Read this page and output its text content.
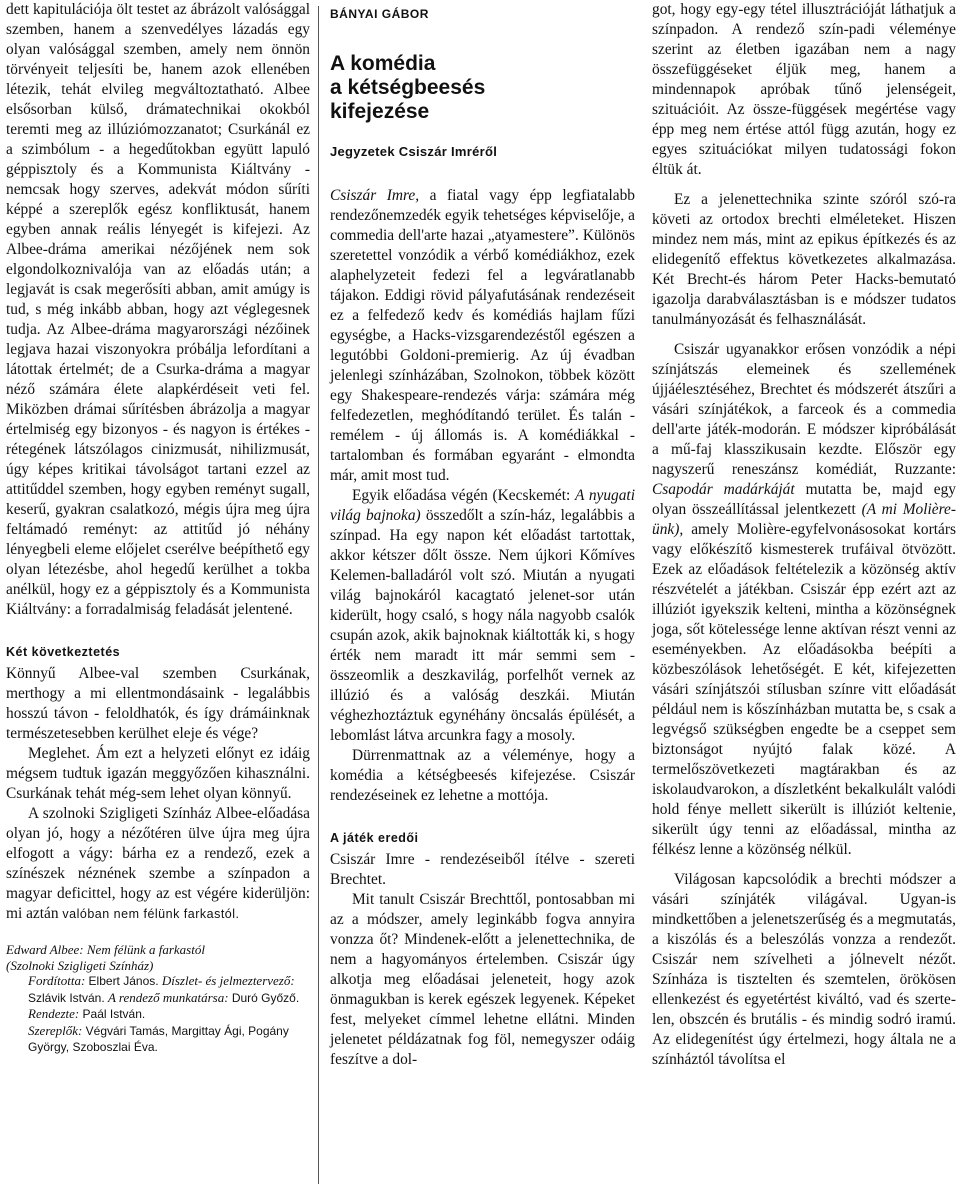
dett kapitulációja ölt testet az ábrázolt valósággal szemben, hanem a szenvedélyes lázadás egy olyan valósággal szemben, amely nem önnön törvényeit teljesíti be, hanem azok ellenében létezik, tehát elvileg megváltoztatható. Albee elsősorban külső, drámatechnikai okokból teremti meg az illúziómozzanatot; Csurkánál ez a szimbólum - a hegedűtokban együtt lapuló géppisztoly és a Kommunista Kiáltvány - nemcsak hogy szerves, adekvát módon sűríti képpé a szereplők egész konfliktusát, hanem egyben annak reális lényegét is kifejezi. Az Albee-dráma amerikai nézőjének nem sok elgondolkoznivalója van az előadás után; a legjavát is csak megerősíti abban, amit amúgy is tud, s még inkább abban, hogy azt véglegesnek tudja. Az Albee-dráma magyarországi nézőinek legjava hazai viszonyokra próbálja lefordítani a látottak értelmét; de a Csurka-dráma a magyar néző számára élete alapkérdéseit veti fel. Miközben drámai sűrítésben ábrázolja a magyar értelmiség egy bizonyos - és nagyon is értékes - rétegének látszólagos cinizmusát, nihilizmusát, úgy képes kritikai távolságot tartani ezzel az attitűddel szemben, hogy egyben reményt sugall, keserű, gyakran csalatkozó, mégis újra meg újra feltámadó reményt: az attitűd jó néhány lényegbeli eleme előjelet cserélve beépíthető egy olyan létezésbe, ahol hegedű kerülhet a tokba anélkül, hogy ez a géppisztoly és a Kommunista Kiáltvány: a forradalmiság feladását jelentené.

Két következtetés

Könnyű Albee-val szemben Csurkának, merthogy a mi ellentmondásaink - legalábbis hosszú távon - feloldhatók, és így drámáinknak természetesebben kerülhet eleje és vége?

Meglehet. Ám ezt a helyzeti előnyt ez idáig mégsem tudtuk igazán meggyőzően kihasználni. Csurkának tehát még-sem lehet olyan könnyű.

A szolnoki Szigligeti Színház Albee-előadása olyan jó, hogy a nézőtéren ülve újra meg újra elfogott a vágy: bárha ez a rendező, ezek a színészek néznének szembe a színpadon a magyar deficittel, hogy az est végére kiderüljön: mi aztán valóban nem félünk farkastól.

Edward Albee: Nem félünk a farkastól
(Szolnoki Szigligeti Színház)
Fordította: Elbert János. Díszlet- és jelmeztervező: Szlávik István. A rendező munkatársa: Duró Győző. Rendezte: Paál István.
Szereplők: Végvári Tamás, Margittay Ági, Pogány György, Szoboszlai Éva.
BÁNYAI GÁBOR
A komédia
a kétségbeesés
kifejezése
Jegyzetek Csiszár Imréről

Csiszár Imre, a fiatal vagy épp legfiatalabb rendezőnemzedék egyik tehetséges képviselője, a commedia dell'arte hazai „atyamestere”. Különös szeretettel vonzódik a vérbő komédiákhoz, ezek alaphelyzeteit fedezi fel a legváratlanabb tájakon. Eddigi rövid pályafutásának rendezéseit ez a felfedező kedv és komédiás hajlam fűzi egységbe, a Hacks-vizsgarendezéstől egészen a legutóbbi Goldoni-premierig. Az új évadban jelenlegi színházában, Szolnokon, többek között egy Shakespeare-rendezés várja: számára még felfedezetlen, meghódítandó terület. És talán - remélem - új állomás is. A komédiákkal - tartalomban és formában egyaránt - elmondta már, amit most tud.

Egyik előadása végén (Kecskemét: A nyugati világ bajnoka) összedőlt a szín-ház, legalábbis a színpad. Ha egy napon két előadást tartottak, akkor kétszer dőlt össze. Nem újkori Kőmíves Kelemen-balladáról volt szó. Miután a nyugati világ bajnokáról kacagtató jelenet-sor után kiderült, hogy csaló, s hogy nála nagyobb csalók csupán azok, akik bajnoknak kiáltották ki, s hogy érték nem maradt itt már semmi sem - összeomlik a deszkavilág, porfelhőt vernek az illúzió és a valóság deszkái. Miután véghezhoztáztuk egynéhány öncsalás épülését, a lebomlást látva arcunkra fagy a mosoly.

Dürrenmattnak az a véleménye, hogy a komédia a kétségbeesés kifejezése. Csiszár rendezéseinek ez lehetne a mottója.

A játék eredői

Csiszár Imre - rendezéseiből ítélve - szereti Brechtet.

Mit tanult Csiszár Brechttől, pontosabban mi az a módszer, amely leginkább fogva annyira vonzza őt? Mindenek-előtt a jelenettechnika, de nem a hagyományos értelemben. Csiszár úgy alkotja meg előadásai jeleneteit, hogy azok önmagukban is kerek egészek legyenek. Képeket fest, melyeket címmel lehetne ellátni. Minden jelenetet példázatnak fog föl, nemegyszer odáig feszítve a dol-

got, hogy egy-egy tétel illusztrációját láthatjuk a színpadon. A rendező szín-padi véleménye szerint az életben igazában nem a nagy összefüggéseket éljük meg, hanem a mindennapok apróbak tűnő jelenségeit, szituációit. Az össze-függések megértése vagy épp meg nem értése attól függ azután, hogy ez egyes szituációkat milyen tudatossági fokon éltük át.

Ez a jelenettechnika szinte szóról szó-ra követi az ortodox brechti elméleteket. Hiszen mindez nem más, mint az epikus építkezés és az elidegenítő effektus következetes alkalmazása. Két Brecht-és három Peter Hacks-bemutató igazolja darabválasztásban is e módszer tudatos tanulmányozását és felhasználását.

Csiszár ugyanakkor erősen vonzódik a népi színjátszás elemeinek és szellemének újjáélesztéséhez, Brechtet és módszerét átszűri a vásári színjátékok, a farceok és a commedia dell'arte játék-modorán. E módszer kipróbálását a mű-faj klasszikusain kezdte. Először egy nagyszerű reneszánsz komédiát, Ruzzante: Csapodár madárkáját mutatta be, majd egy olyan összeállítással jelentkezett (A mi Molière-ünk), amely Molière-egyfelvonásosokat kortárs vagy előkészítő kismesterek trufáival ötvözött. Ezek az előadások feltételezik a közönség aktív részvételét a játékban. Csiszár épp ezért azt az illúziót igyekszik kelteni, mintha a közönségnek joga, sőt kötelessége lenne aktívan részt venni az eseményekben. Az előadásokba beépíti a közbeszólások lehetőségét. E két, kifejezetten vásári színjátszói stílusban színre vitt előadását például nem is kőszínházban mutatta be, s csak a legvégső szükségben engedte be a cseppet sem biztonságot nyújtó falak közé. A termelőszövetkezeti magtárakban és az iskolaudvarokon, a díszletként bekalkulált valódi hold fénye mellett sikerült is illúziót keltenie, sikerült úgy tenni az előadással, mintha az félkész lenne a közönség nélkül.

Világosan kapcsolódik a brechti módszer a vásári színjáték világával. Ugyan-is mindkettőben a jelenetszerűség és a megmutatás, a kiszólás és a beleszólás vonzza a rendezőt. Csiszár nem szívelheti a jólnevelt nézőt. Színháza is tisztelten és szemtelen, örökösen ellenkezést és egyetértést kiváltó, vad és szerte-len, obszcén és brutális - és mindig sodró iramú. Az elidegenítést úgy értelmezi, hogy általa ne a színháztól távolítsa el
